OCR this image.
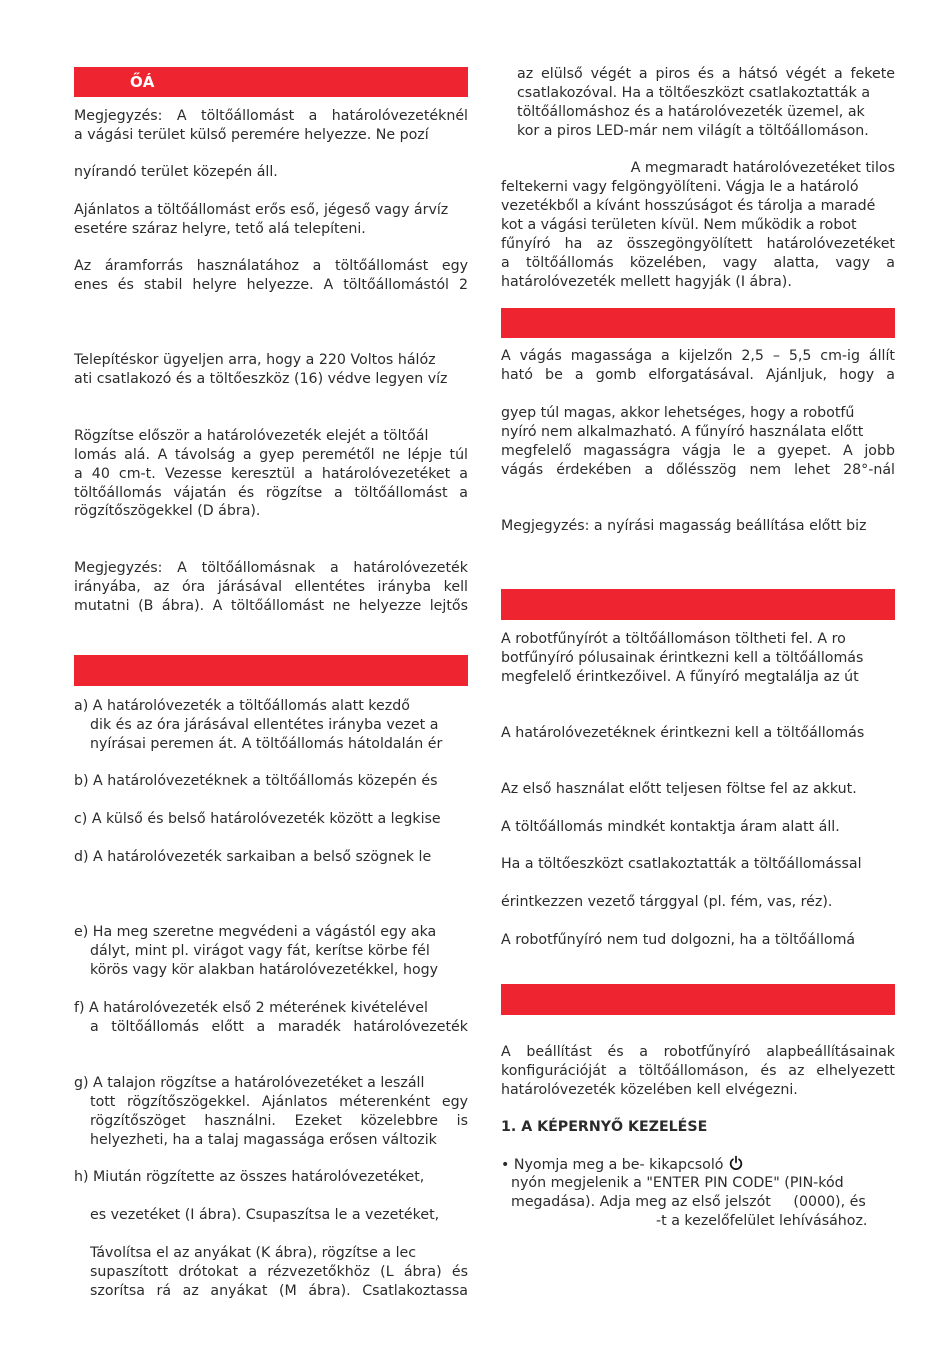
ŐÁ
Megjegyzés: A töltőállomást a határolóvezetéknél
a vágási terület külső peremére helyezze. Ne pozí
nyírandó terület közepén áll.
Ajánlatos a töltőállomást erős eső, jégeső vagy árvíz
esetére száraz helyre, tető alá telepíteni.
Az áramforrás használatához a töltőállomást egy
enes és stabil helyre helyezze. A töltőállomástól 2
Telepítéskor ügyeljen arra, hogy a 220 Voltos hálóz
ati csatlakozó és a töltőeszköz (16) védve legyen víz
Rögzítse először a határolóvezeték elejét a töltőál
lomás alá. A távolság a gyep peremétől ne lépje túl
a 40 cm-t. Vezesse keresztül a határolóvezetéket a
töltőállomás vájatán és rögzítse a töltőállomást a
rögzítőszögekkel (D ábra).
Megjegyzés: A töltőállomásnak a határolóvezeték
irányába, az óra járásával ellentétes irányba kell
mutatni (B ábra). A töltőállomást ne helyezze lejtős
a) A határolóvezeték a töltőállomás alatt kezdő
dik és az óra járásával ellentétes irányba vezet a
nyírásai peremen át. A töltőállomás hátoldalán ér
b) A határolóvezetéknek a töltőállomás közepén és
c) A külső és belső határolóvezeték között a legkise
d) A határolóvezeték sarkaiban a belső szögnek le
e) Ha meg szeretne megvédeni a vágástól egy aka
dályt, mint pl. virágot vagy fát, kerítse körbe fél
körös vagy kör alakban határolóvezetékkel, hogy
f) A határolóvezeték első 2 méterének kivételével
a töltőállomás előtt a maradék határolóvezeték
g) A talajon rögzítse a határolóvezetéket a leszáll
tott rögzítőszögekkel. Ajánlatos méterenként egy
rögzítőszöget használni. Ezeket közelebbre is
helyezheti, ha a talaj magassága erősen változik
h) Miután rögzítette az összes határolóvezetéket,
es vezetéket (I ábra). Csupaszítsa le a vezetéket,
Távolítsa el az anyákat (K ábra), rögzítse a lec
supaszított drótokat a rézvezetőkhöz (L ábra) és
szorítsa rá az anyákat (M ábra). Csatlakoztassa
az elülső végét a piros és a hátsó végét a fekete
csatlakozóval. Ha a töltőeszközt csatlakoztatták a
töltőállomáshoz és a határolóvezeték üzemel, ak
kor a piros LED-már nem világít a töltőállomáson.
A megmaradt határolóvezetéket tilos
feltekerni vagy felgöngyölíteni. Vágja le a határoló
vezetékből a kívánt hosszúságot és tárolja a maradé
kot a vágási területen kívül. Nem működik a robot
fűnyíró ha az összegöngyölített határolóvezetéket
a töltőállomás közelében, vagy alatta, vagy a
határolóvezeték mellett hagyják (I ábra).
A vágás magassága a kijelzőn 2,5 – 5,5 cm-ig állít
ható be a gomb elforgatásával. Ajánljuk, hogy a
gyep túl magas, akkor lehetséges, hogy a robotfű
nyíró nem alkalmazható. A fűnyíró használata előtt
megfelelő magasságra vágja le a gyepet. A jobb
vágás érdekében a dőlésszög nem lehet 28°-nál
Megjegyzés: a nyírási magasság beállítása előtt biz
A robotfűnyírót a töltőállomáson töltheti fel. A ro
botfűnyíró pólusainak érintkezni kell a töltőállomás
megfelelő érintkezőivel. A fűnyíró megtalálja az út
A határolóvezetéknek érintkezni kell a töltőállomás
Az első használat előtt teljesen föltse fel az akkut.
A töltőállomás mindkét kontaktja áram alatt áll.
Ha a töltőeszközt csatlakoztatták a töltőállomással
érintkezzen vezető tárggyal (pl. fém, vas, réz).
A robotfűnyíró nem tud dolgozni, ha a töltőállomá
A beállítást és a robotfűnyíró alapbeállításainak
konfigurációját a töltőállomáson, és az elhelyezett
határolóvezeték közelében kell elvégezni.
1. A KÉPERNYŐ KEZELÉSE
• Nyomja meg a be- kikapcsoló
nyón megjelenik a "ENTER PIN CODE" (PIN-kód
megadása). Adja meg az első jelszót     (0000), és
-t a kezelőfelület lehívásához.
